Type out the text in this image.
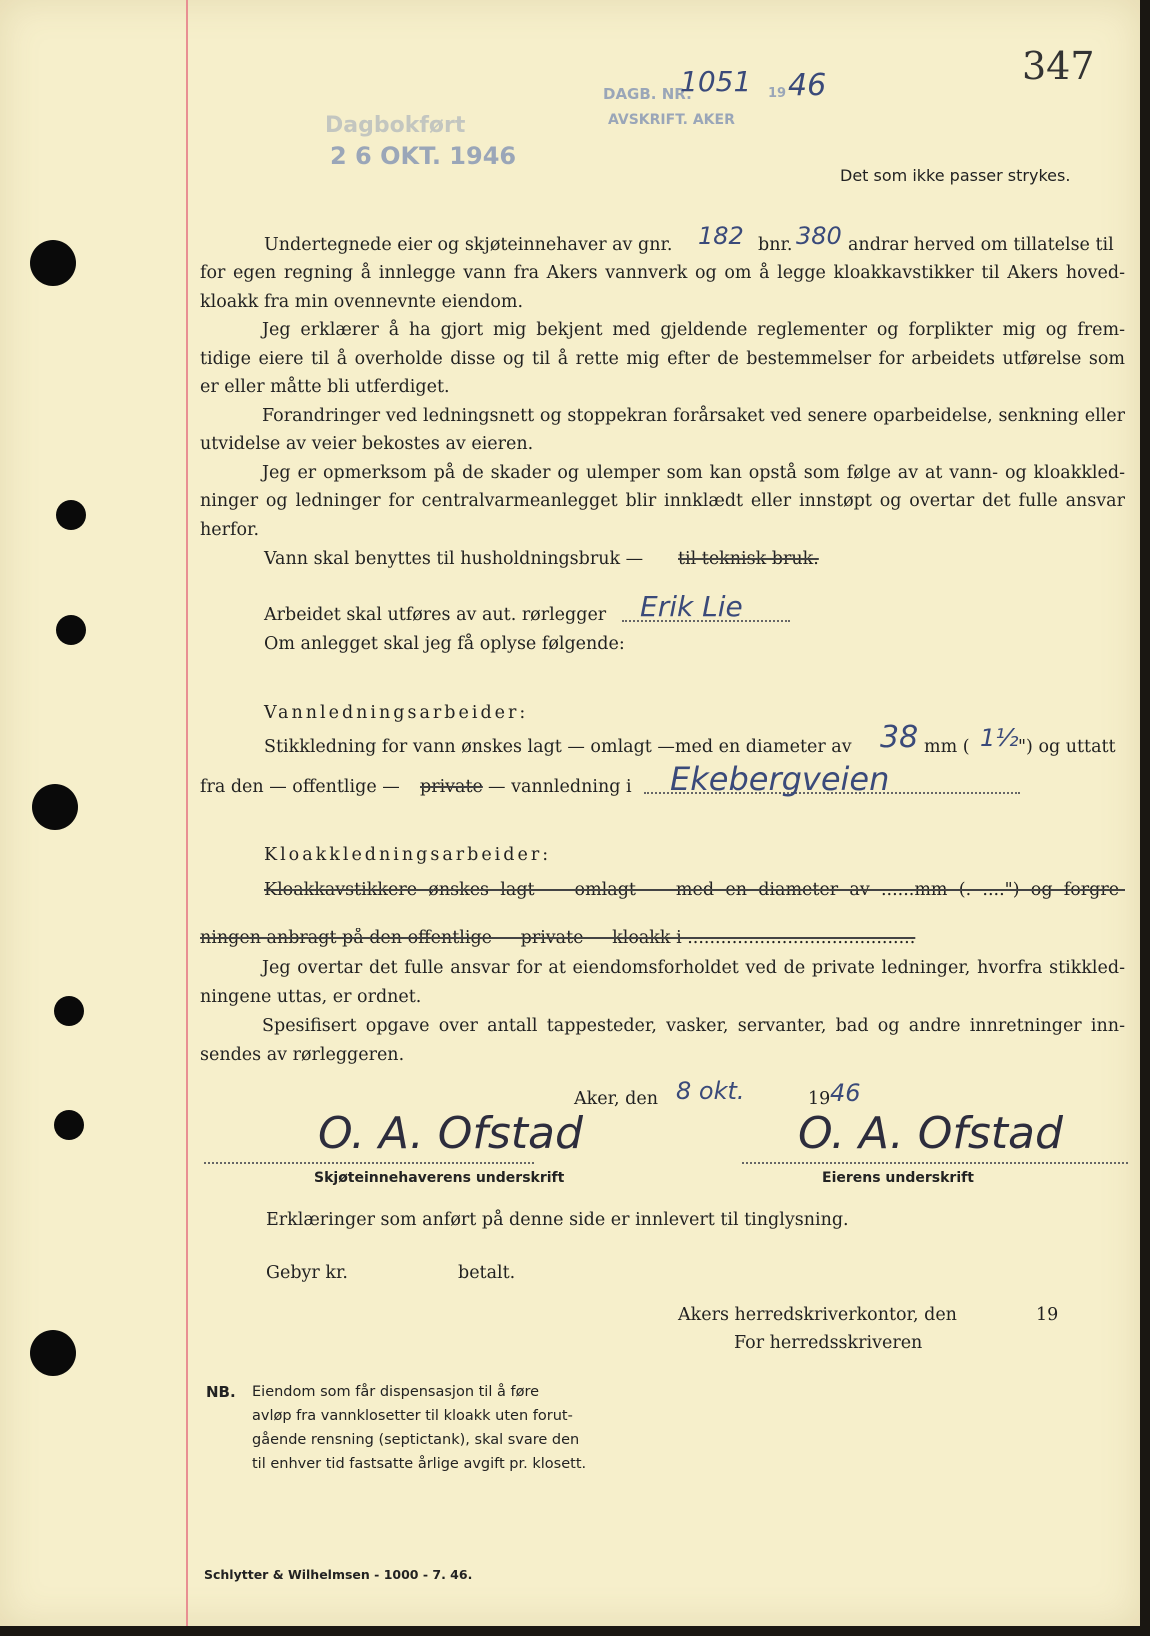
Dagbokført
2 6 OKT. 1946
DAGB. NR.
1051 19 46
AVSKRIFT. AKER
347
Det som ikke passer strykes.
Undertegnede eier og skjøteinnehaver av gnr. 182 bnr. 380 andrar herved om tillatelse til
for egen regning å innlegge vann fra Akers vannverk og om å legge kloakkavstikker til Akers hoved-
kloakk fra min ovennevnte eiendom.
Jeg erklærer å ha gjort mig bekjent med gjeldende reglementer og forplikter mig og frem-
tidige eiere til å overholde disse og til å rette mig efter de bestemmelser for arbeidets utførelse som
er eller måtte bli utferdiget.
Forandringer ved ledningsnett og stoppekran forårsaket ved senere oparbeidelse, senkning eller
utvidelse av veier bekostes av eieren.
Jeg er opmerksom på de skader og ulemper som kan opstå som følge av at vann- og kloakkled-
ninger og ledninger for centralvarmeanlegget blir innklædt eller innstøpt og overtar det fulle ansvar
herfor.
Vann skal benyttes til husholdningsbruk — til teknisk bruk.
Arbeidet skal utføres av aut. rørlegger Erik Lie
Om anlegget skal jeg få oplyse følgende:
Vannledningsarbeider:
Stikkledning for vann ønskes lagt — omlagt —med en diameter av 38 mm ( 1½ ") og uttatt
fra den — offentlige — private — vannledning i Ekebergveien
Kloakkledningsarbeider:
Kloakkavstikkere ønskes lagt — omlagt — med en diameter av ......mm (. ....") og forgre-
ningen anbragt på den offentlige — private — kloakk i .........................................
Jeg overtar det fulle ansvar for at eiendomsforholdet ved de private ledninger, hvorfra stikkled-
ningene uttas, er ordnet.
Spesifisert opgave over antall tappesteder, vasker, servanter, bad og andre innretninger inn-
sendes av rørleggeren.
Aker, den 8 okt.	19 46
O. A. Ofstad	O. A. Ofstad
Skjøteinnehaverens underskrift	Eierens underskrift
Erklæringer som anført på denne side er innlevert til tinglysning.
Gebyr kr.	betalt.
Akers herredskriverkontor, den	19
For herredsskriveren
NB. Eiendom som får dispensasjon til å føre
avløp fra vannklosetter til kloakk uten forut-
gående rensning (septictank), skal svare den
til enhver tid fastsatte årlige avgift pr. klosett.
Schlytter & Wilhelmsen - 1000 - 7. 46.
